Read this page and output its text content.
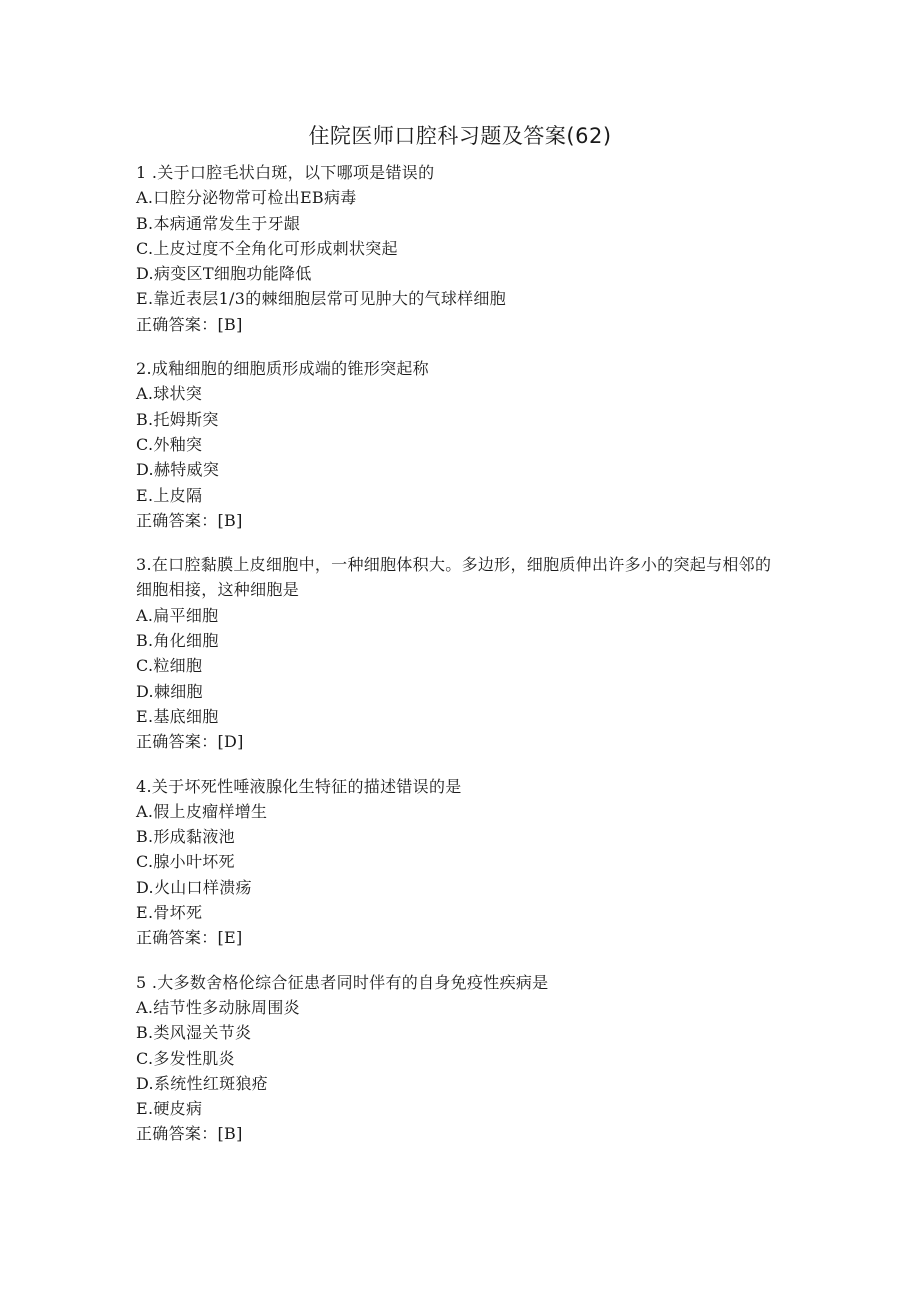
住院医师口腔科习题及答案(62)
1 .关于口腔毛状白斑，以下哪项是错误的
A.口腔分泌物常可检出EB病毒
B.本病通常发生于牙龈
C.上皮过度不全角化可形成刺状突起
D.病变区T细胞功能降低
E.靠近表层1/3的棘细胞层常可见肿大的气球样细胞
正确答案：[B]
2.成釉细胞的细胞质形成端的锥形突起称
A.球状突
B.托姆斯突
C.外釉突
D.赫特威突
E.上皮隔
正确答案：[B]
3.在口腔黏膜上皮细胞中，一种细胞体积大。多边形，细胞质伸出许多小的突起与相邻的细胞相接，这种细胞是
A.扁平细胞
B.角化细胞
C.粒细胞
D.棘细胞
E.基底细胞
正确答案：[D]
4.关于坏死性唾液腺化生特征的描述错误的是
A.假上皮瘤样增生
B.形成黏液池
C.腺小叶坏死
D.火山口样溃疡
E.骨坏死
正确答案：[E]
5 .大多数舍格伦综合征患者同时伴有的自身免疫性疾病是
A.结节性多动脉周围炎
B.类风湿关节炎
C.多发性肌炎
D.系统性红斑狼疮
E.硬皮病
正确答案：[B]
